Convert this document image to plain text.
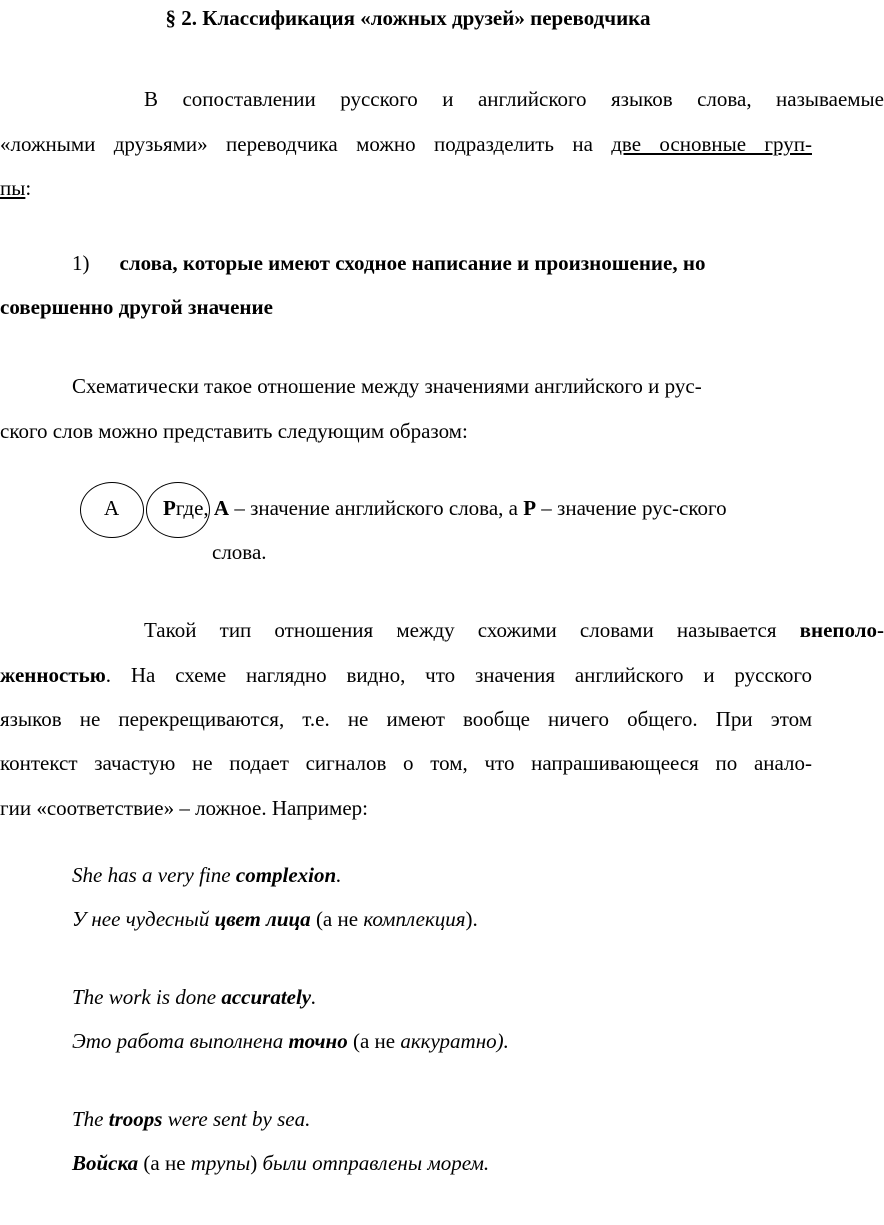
§ 2. Классификация «ложных друзей» переводчика
В сопоставлении русского и английского языков слова, называемые
«ложными друзьями» переводчика можно подразделить на две основные груп-
пы:
1) слова, которые имеют сходное написание и произношение, но
совершенно другой значение
Схематически такое отношение между значениями английского и рус-
ского слов можно представить следующим образом:
А Ргде, А – значение английского слова, а Р – значение рус-ского
слова.
Такой тип отношения между схожими словами называется внеполо-
женностью. На схеме наглядно видно, что значения английского и русского
языков не перекрещиваются, т.е. не имеют вообще ничего общего. При этом
контекст зачастую не подает сигналов о том, что напрашивающееся по анало-
гии «соответствие» – ложное. Например:
She has a very fine complexion.
У нее чудесный цвет лица (а не комплекция).
The work is done accurately.
Это работа выполнена точно (а не аккуратно).
The troops were sent by sea.
Войска (а не трупы) были отправлены морем.
